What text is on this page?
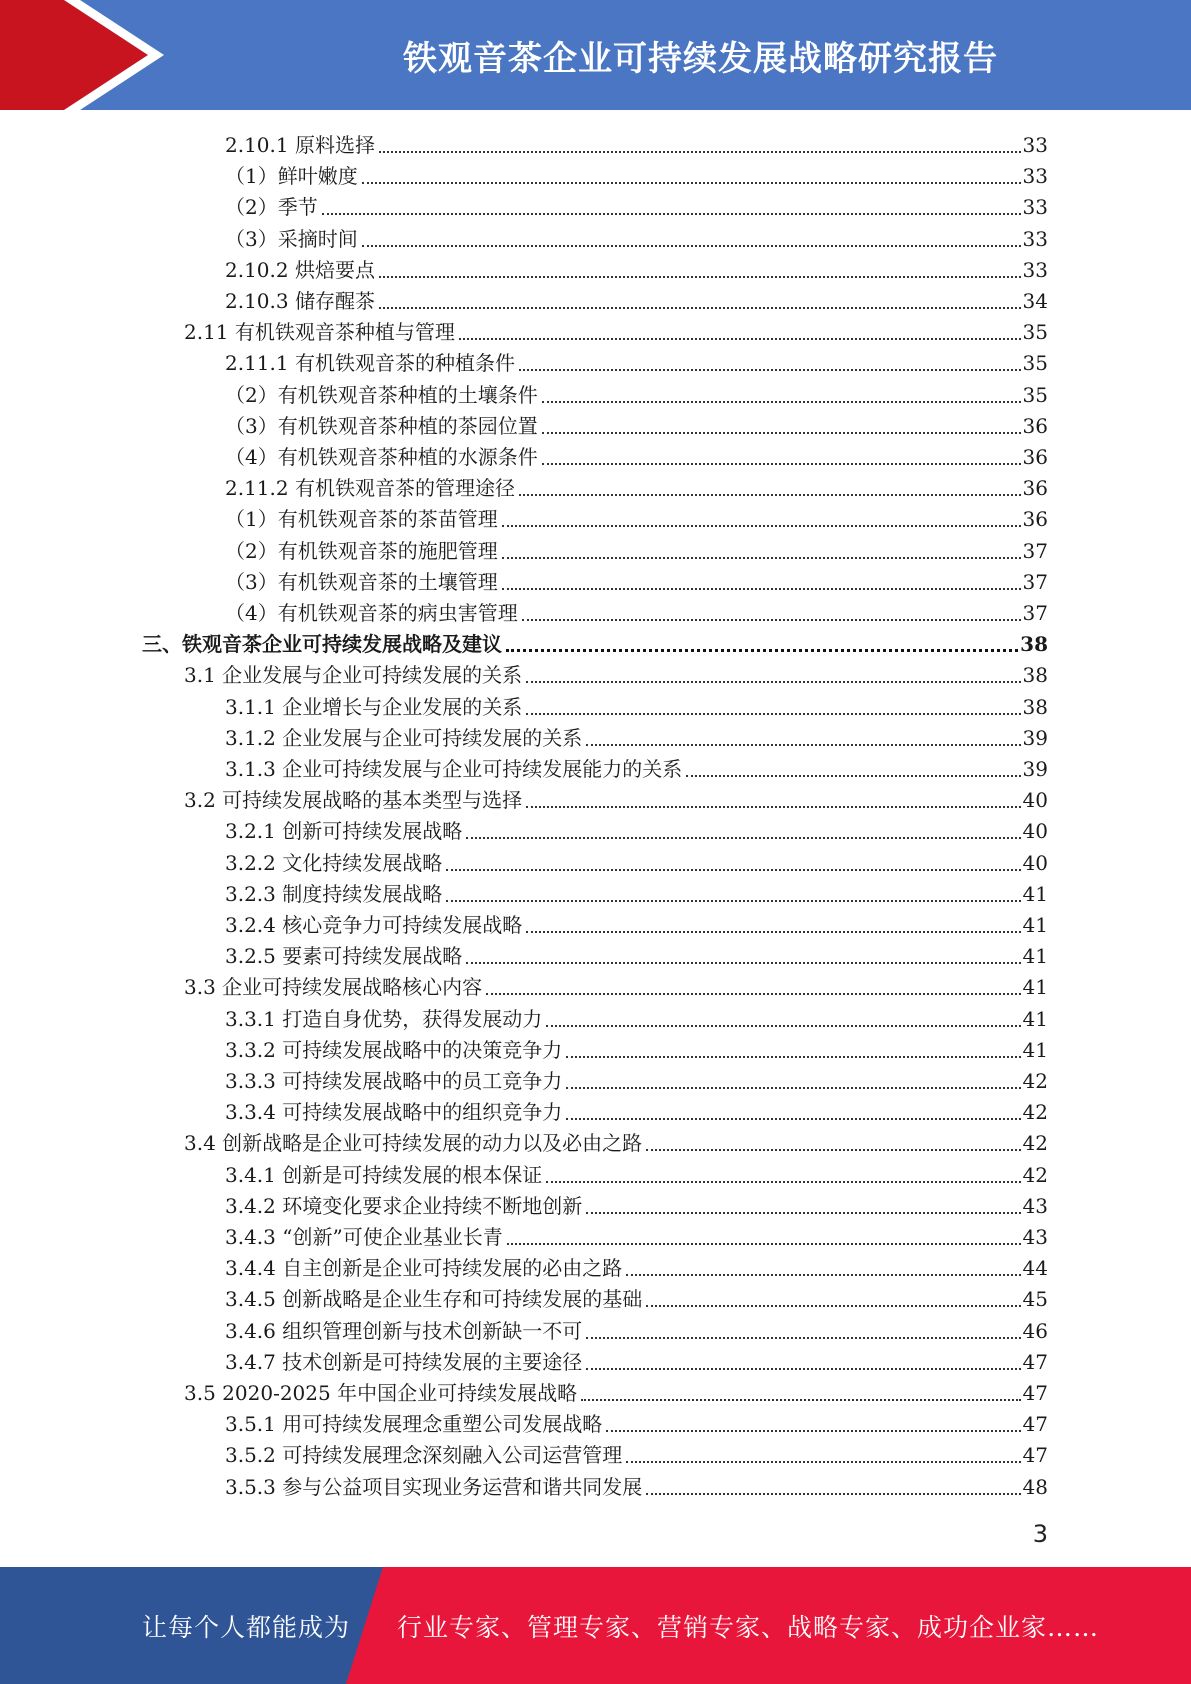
铁观音茶企业可持续发展战略研究报告
2.10.1 原料选择	33
（1）鲜叶嫩度	33
（2）季节	33
（3）采摘时间	33
2.10.2 烘焙要点	33
2.10.3 储存醒茶	34
2.11 有机铁观音茶种植与管理	35
2.11.1 有机铁观音茶的种植条件	35
（2）有机铁观音茶种植的土壤条件	35
（3）有机铁观音茶种植的茶园位置	36
（4）有机铁观音茶种植的水源条件	36
2.11.2 有机铁观音茶的管理途径	36
（1）有机铁观音茶的茶苗管理	36
（2）有机铁观音茶的施肥管理	37
（3）有机铁观音茶的土壤管理	37
（4）有机铁观音茶的病虫害管理	37
三、铁观音茶企业可持续发展战略及建议	38
3.1 企业发展与企业可持续发展的关系	38
3.1.1 企业增长与企业发展的关系	38
3.1.2 企业发展与企业可持续发展的关系	39
3.1.3 企业可持续发展与企业可持续发展能力的关系	39
3.2 可持续发展战略的基本类型与选择	40
3.2.1 创新可持续发展战略	40
3.2.2 文化持续发展战略	40
3.2.3 制度持续发展战略	41
3.2.4 核心竞争力可持续发展战略	41
3.2.5 要素可持续发展战略	41
3.3 企业可持续发展战略核心内容	41
3.3.1 打造自身优势，获得发展动力	41
3.3.2 可持续发展战略中的决策竞争力	41
3.3.3 可持续发展战略中的员工竞争力	42
3.3.4 可持续发展战略中的组织竞争力	42
3.4 创新战略是企业可持续发展的动力以及必由之路	42
3.4.1 创新是可持续发展的根本保证	42
3.4.2 环境变化要求企业持续不断地创新	43
3.4.3 “创新”可使企业基业长青	43
3.4.4 自主创新是企业可持续发展的必由之路	44
3.4.5 创新战略是企业生存和可持续发展的基础	45
3.4.6 组织管理创新与技术创新缺一不可	46
3.4.7 技术创新是可持续发展的主要途径	47
3.5 2020-2025 年中国企业可持续发展战略	47
3.5.1 用可持续发展理念重塑公司发展战略	47
3.5.2 可持续发展理念深刻融入公司运营管理	47
3.5.3 参与公益项目实现业务运营和谐共同发展	48
3
让每个人都能成为 行业专家、管理专家、营销专家、战略专家、成功企业家……
